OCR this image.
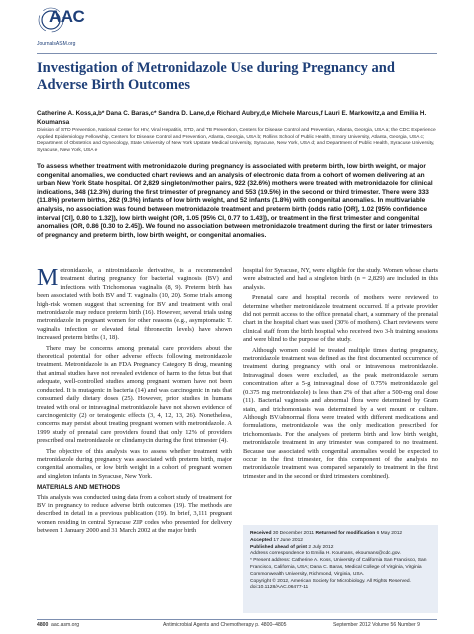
AAC
JournalsASM.org
Investigation of Metronidazole Use during Pregnancy and Adverse Birth Outcomes
Catherine A. Koss,a,b* Dana C. Baras,c* Sandra D. Lane,d,e Richard Aubry,d,e Michele Marcus,f Lauri E. Markowitz,a and Emilia H. Koumansa
Division of STD Prevention, National Center for HIV, Viral Hepatitis, STD, and TB Prevention, Centers for Disease Control and Prevention, Atlanta, Georgia, USA a; the CDC Experience Applied Epidemiology Fellowship, Centers for Disease Control and Prevention, Atlanta, Georgia, USA b; Rollins School of Public Health, Emory University, Atlanta, Georgia, USA c; Department of Obstetrics and Gynecology, State University of New York Upstate Medical University, Syracuse, New York, USA d; and Department of Public Health, Syracuse University, Syracuse, New York, USA e
To assess whether treatment with metronidazole during pregnancy is associated with preterm birth, low birth weight, or major congenital anomalies, we conducted chart reviews and an analysis of electronic data from a cohort of women delivering at an urban New York State hospital. Of 2,829 singleton/mother pairs, 922 (32.6%) mothers were treated with metronidazole for clinical indications, 348 (12.3%) during the first trimester of pregnancy and 553 (19.5%) in the second or third trimester. There were 333 (11.8%) preterm births, 262 (9.3%) infants of low birth weight, and 52 infants (1.8%) with congenital anomalies. In multivariable analysis, no association was found between metronidazole treatment and preterm birth (odds ratio [OR], 1.02 [95% confidence interval [CI], 0.80 to 1.32]), low birth weight (OR, 1.05 [95% CI, 0.77 to 1.43]), or treatment in the first trimester and congenital anomalies (OR, 0.86 [0.30 to 2.45]). We found no association between metronidazole treatment during the first or later trimesters of pregnancy and preterm birth, low birth weight, or congenital anomalies.

Metronidazole, a nitroimidazole derivative, is a recommended treatment during pregnancy for bacterial vaginosis (BV) and infections with Trichomonas vaginalis (8, 9). Preterm birth has been associated with both BV and T. vaginalis (10, 20). Some trials among high-risk women suggest that screening for BV and treatment with oral metronidazole may reduce preterm birth (16). However, several trials using metronidazole in pregnant women for other reasons (e.g., asymptomatic T. vaginalis infection or elevated fetal fibronectin levels) have shown increased preterm births (1, 18).

There may be concerns among prenatal care providers about the theoretical potential for other adverse effects following metronidazole treatment. Metronidazole is an FDA Pregnancy Category B drug, meaning that animal studies have not revealed evidence of harm to the fetus but that adequate, well-controlled studies among pregnant women have not been conducted. It is mutagenic in bacteria (14) and was carcinogenic in rats that consumed daily dietary doses (25). However, prior studies in humans treated with oral or intravaginal metronidazole have not shown evidence of carcinogenicity (2) or teratogenic effects (3, 4, 12, 13, 26). Nonetheless, concerns may persist about treating pregnant women with metronidazole. A 1999 study of prenatal care providers found that only 12% of providers prescribed oral metronidazole or clindamycin during the first trimester (4).

The objective of this analysis was to assess whether treatment with metronidazole during pregnancy was associated with preterm birth, major congenital anomalies, or low birth weight in a cohort of pregnant women and singleton infants in Syracuse, New York.

MATERIALS AND METHODS

This analysis was conducted using data from a cohort study of treatment for BV in pregnancy to reduce adverse birth outcomes (19). The methods are described in detail in a previous publication (19). In brief, 3,111 pregnant women residing in central Syracuse ZIP codes who presented for delivery between 1 January 2000 and 31 March 2002 at the major birth

hospital for Syracuse, NY, were eligible for the study. Women whose charts were abstracted and had a singleton birth (n = 2,829) are included in this analysis.

Prenatal care and hospital records of mothers were reviewed to determine whether metronidazole treatment occurred. If a private provider did not permit access to the office prenatal chart, a summary of the prenatal chart in the hospital chart was used (30% of mothers). Chart reviewers were clinical staff from the birth hospital who received two 3-h training sessions and were blind to the purpose of the study.

Although women could be treated multiple times during pregnancy, metronidazole treatment was defined as the first documented occurrence of treatment during pregnancy with oral or intravenous metronidazole. Intravaginal doses were excluded, as the peak metronidazole serum concentration after a 5-g intravaginal dose of 0.75% metronidazole gel (0.375 mg metronidazole) is less than 2% of that after a 500-mg oral dose (11). Bacterial vaginosis and abnormal flora were determined by Gram stain, and trichomoniasis was determined by a wet mount or culture. Although BV/abnormal flora were treated with different medications and formulations, metronidazole was the only medication prescribed for trichomoniasis. For the analyses of preterm birth and low birth weight, metronidazole treatment in any trimester was compared to no treatment. Because use associated with congenital anomalies would be expected to occur in the first trimester, for this component of the analysis no metronidazole treatment was compared separately to treatment in the first trimester and in the second or third trimesters combined).

Received 30 December 2011 Returned for modification 6 May 2012
Accepted 17 June 2012
Published ahead of print 2 July 2012
Address correspondence to Emilia H. Koumans, ekoumans@cdc.gov.
* Present address: Catherine A. Koss, University of California San Francisco, San Francisco, California, USA; Dana C. Baras, Medical College of Virginia, Virginia Commonwealth University, Richmond, Virginia, USA.
Copyright © 2012, American Society for Microbiology. All Rights Reserved.
doi:10.1128/AAC.06477-11
4800 aac.asm.org	Antimicrobial Agents and Chemotherapy p. 4800–4805	September 2012 Volume 56 Number 9
